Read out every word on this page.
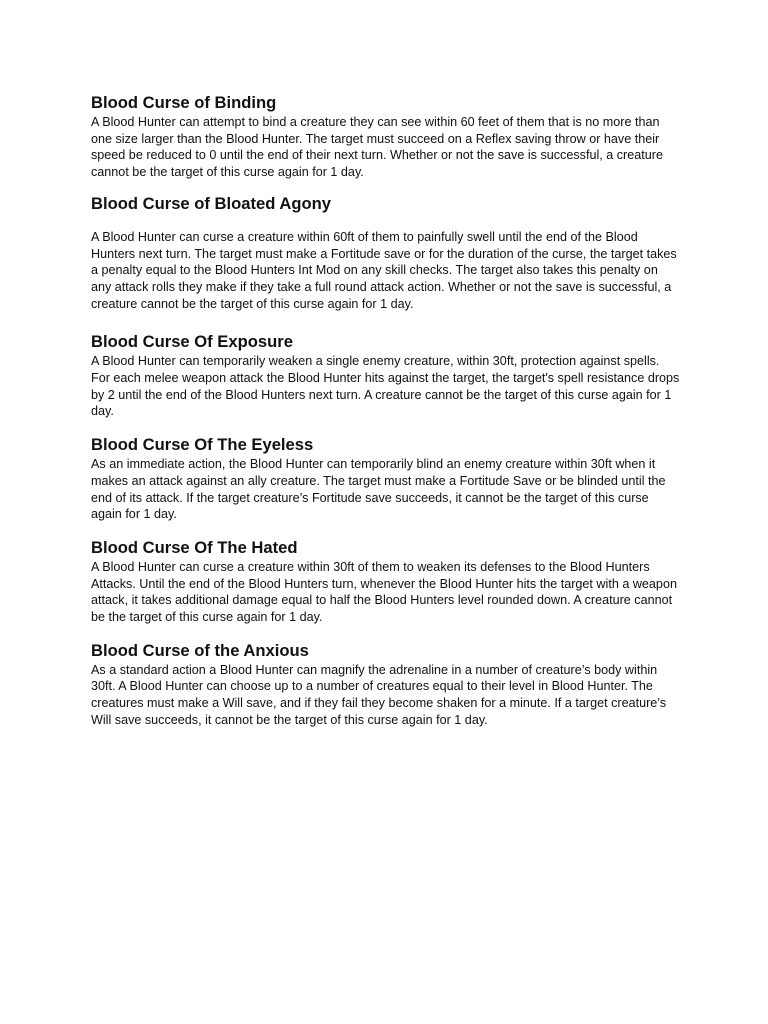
Blood Curse of Binding

A Blood Hunter can attempt to bind a creature they can see within 60 feet of them that is no more than one size larger than the Blood Hunter. The target must succeed on a Reflex saving throw or have their speed be reduced to 0 until the end of their next turn. Whether or not the save is successful, a creature cannot be the target of this curse again for 1 day.

Blood Curse of Bloated Agony

A Blood Hunter can curse a creature within 60ft of them to painfully swell until the end of the Blood Hunters next turn. The target must make a Fortitude save or for the duration of the curse, the target takes a penalty equal to the Blood Hunters Int Mod on any skill checks. The target also takes this penalty on any attack rolls they make if they take a full round attack action. Whether or not the save is successful, a creature cannot be the target of this curse again for 1 day.

Blood Curse Of Exposure

A Blood Hunter can temporarily weaken a single enemy creature, within 30ft, protection against spells. For each melee weapon attack the Blood Hunter hits against the target, the target's spell resistance drops by 2 until the end of the Blood Hunters next turn. A creature cannot be the target of this curse again for 1 day.

Blood Curse Of The Eyeless

As an immediate action, the Blood Hunter can temporarily blind an enemy creature within 30ft when it makes an attack against an ally creature. The target must make a Fortitude Save or be blinded until the end of its attack. If the target creature’s Fortitude save succeeds, it cannot be the target of this curse again for 1 day.

Blood Curse Of The Hated

A Blood Hunter can curse a creature within 30ft of them to weaken its defenses to the Blood Hunters Attacks. Until the end of the Blood Hunters turn, whenever the Blood Hunter hits the target with a weapon attack, it takes additional damage equal to half the Blood Hunters level rounded down. A creature cannot be the target of this curse again for 1 day.

Blood Curse of the Anxious

As a standard action a Blood Hunter can magnify the adrenaline in a number of creature’s body within 30ft. A Blood Hunter can choose up to a number of creatures equal to their level in Blood Hunter. The creatures must make a Will save, and if they fail they become shaken for a minute. If a target creature’s Will save succeeds, it cannot be the target of this curse again for 1 day.
